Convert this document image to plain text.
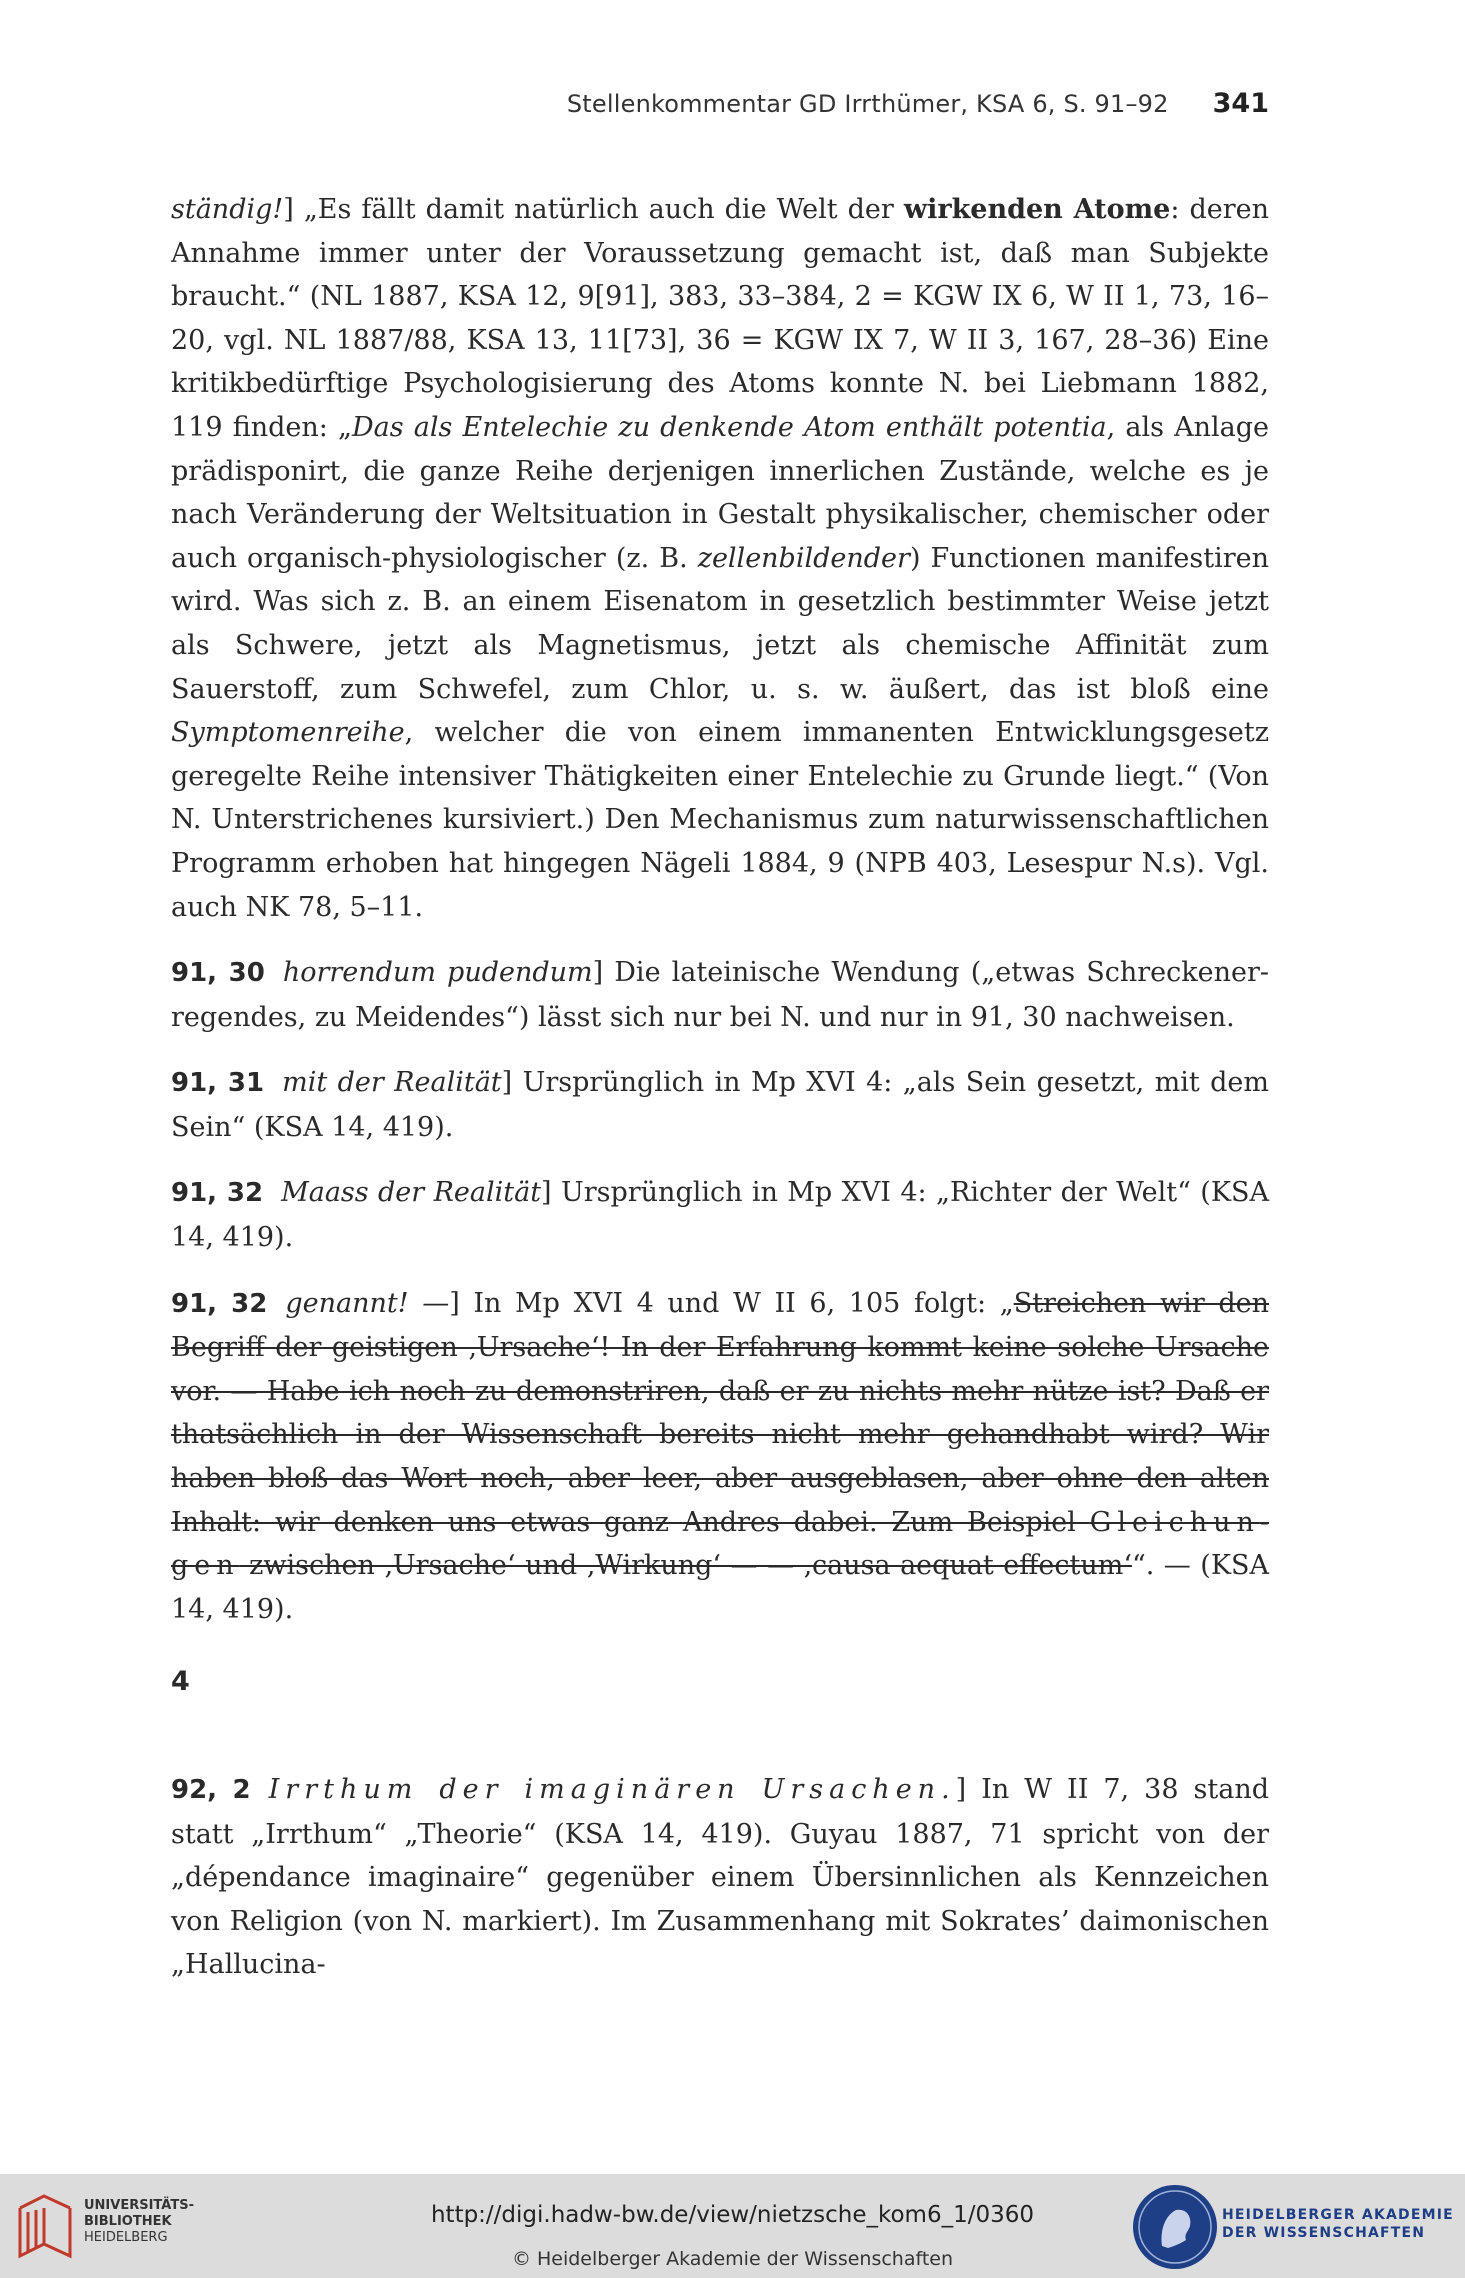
Stellenkommentar GD Irrthümer, KSA 6, S. 91–92 341

ständig!] „Es fällt damit natürlich auch die Welt der wirkenden Atome: deren Annahme immer unter der Voraussetzung gemacht ist, daß man Subjekte braucht.“ (NL 1887, KSA 12, 9[91], 383, 33–384, 2 = KGW IX 6, W II 1, 73, 16–20, vgl. NL 1887/88, KSA 13, 11[73], 36 = KGW IX 7, W II 3, 167, 28–36) Eine kritikbedürftige Psychologisierung des Atoms konnte N. bei Liebmann 1882, 119 finden: „Das als Entelechie zu denkende Atom enthält potentia, als Anlage prädisponirt, die ganze Reihe derjenigen innerlichen Zustände, welche es je nach Veränderung der Weltsituation in Gestalt physikalischer, chemischer oder auch organisch-physiologischer (z. B. zellenbildender) Functionen manifestiren wird. Was sich z. B. an einem Eisenatom in gesetzlich bestimmter Weise jetzt als Schwere, jetzt als Magnetismus, jetzt als chemische Affinität zum Sauerstoff, zum Schwefel, zum Chlor, u. s. w. äußert, das ist bloß eine Symptomenreihe, welcher die von einem immanenten Entwicklungsgesetz geregelte Reihe intensiver Thätigkeiten einer Entelechie zu Grunde liegt.“ (Von N. Unterstrichenes kursiviert.) Den Mechanismus zum naturwissenschaftlichen Programm erhoben hat hingegen Nägeli 1884, 9 (NPB 403, Lesespur N.s). Vgl. auch NK 78, 5–11.

91, 30 horrendum pudendum] Die lateinische Wendung („etwas Schreckenerregendes, zu Meidendes“) lässt sich nur bei N. und nur in 91, 30 nachweisen.

91, 31 mit der Realität] Ursprünglich in Mp XVI 4: „als Sein gesetzt, mit dem Sein“ (KSA 14, 419).

91, 32 Maass der Realität] Ursprünglich in Mp XVI 4: „Richter der Welt“ (KSA 14, 419).

91, 32 genannt! —] In Mp XVI 4 und W II 6, 105 folgt: „Streichen wir den Begriff der geistigen ‚Ursache‘! In der Erfahrung kommt keine solche Ursache vor. — Habe ich noch zu demonstriren, daß er zu nichts mehr nütze ist? Daß er thatsächlich in der Wissenschaft bereits nicht mehr gehandhabt wird? Wir haben bloß das Wort noch, aber leer, aber ausgeblasen, aber ohne den alten Inhalt: wir denken uns etwas ganz Andres dabei. Zum Beispiel Gleichungen zwischen ‚Ursache‘ und ‚Wirkung‘ — — ‚causa aequat effectum‘“. — (KSA 14, 419).

4

92, 2 Irrthum der imaginären Ursachen.] In W II 7, 38 stand statt „Irrthum“ „Theorie“ (KSA 14, 419). Guyau 1887, 71 spricht von der „dépendance imaginaire“ gegenüber einem Übersinnlichen als Kennzeichen von Religion (von N. markiert). Im Zusammenhang mit Sokrates’ daimonischen „Hallucina-

UNIVERSITÄTS-
BIBLIOTHEK
HEIDELBERG
http://digi.hadw-bw.de/view/nietzsche_kom6_1/0360
© Heidelberger Akademie der Wissenschaften
HEIDELBERGER AKADEMIE
DER WISSENSCHAFTEN
